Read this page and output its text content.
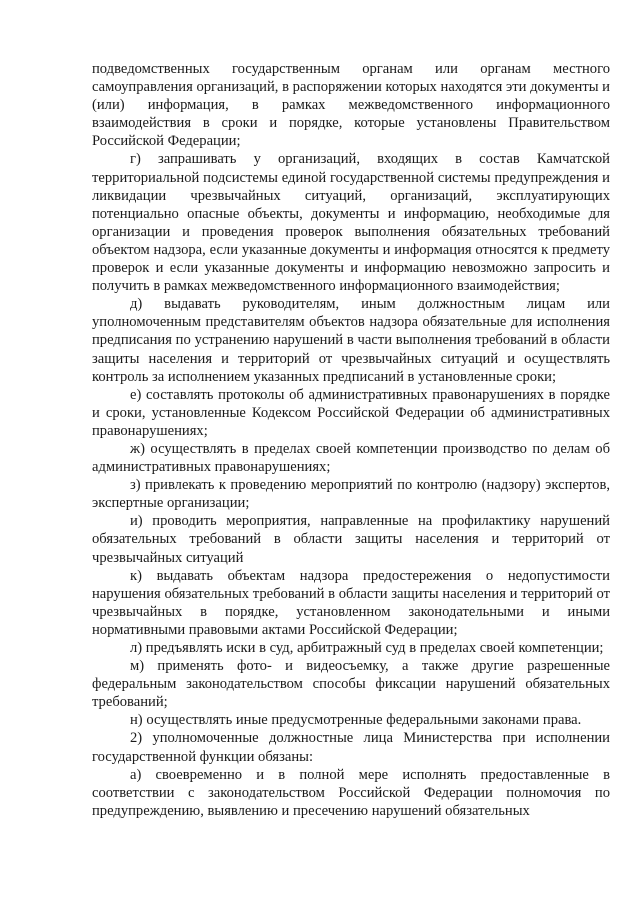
подведомственных государственным органам или органам местного самоуправления организаций, в распоряжении которых находятся эти документы и (или) информация, в рамках межведомственного информационного взаимодействия в сроки и порядке, которые установлены Правительством Российской Федерации;

г) запрашивать у организаций, входящих в состав Камчатской территориальной подсистемы единой государственной системы предупреждения и ликвидации чрезвычайных ситуаций, организаций, эксплуатирующих потенциально опасные объекты, документы и информацию, необходимые для организации и проведения проверок выполнения обязательных требований объектом надзора, если указанные документы и информация относятся к предмету проверок и если указанные документы и информацию невозможно запросить и получить в рамках межведомственного информационного взаимодействия;

д) выдавать руководителям, иным должностным лицам или уполномоченным представителям объектов надзора обязательные для исполнения предписания по устранению нарушений в части выполнения требований в области защиты населения и территорий от чрезвычайных ситуаций и осуществлять контроль за исполнением указанных предписаний в установленные сроки;

е) составлять протоколы об административных правонарушениях в порядке и сроки, установленные Кодексом Российской Федерации об административных правонарушениях;

ж) осуществлять в пределах своей компетенции производство по делам об административных правонарушениях;

з) привлекать к проведению мероприятий по контролю (надзору) экспертов, экспертные организации;

и) проводить мероприятия, направленные на профилактику нарушений обязательных требований в области защиты населения и территорий от чрезвычайных ситуаций

к) выдавать объектам надзора предостережения о недопустимости нарушения обязательных требований в области защиты населения и территорий от чрезвычайных в порядке, установленном законодательными и иными нормативными правовыми актами Российской Федерации;

л) предъявлять иски в суд, арбитражный суд в пределах своей компетенции;

м) применять фото- и видеосъемку, а также другие разрешенные федеральным законодательством способы фиксации нарушений обязательных требований;

н) осуществлять иные предусмотренные федеральными законами права.

2) уполномоченные должностные лица Министерства при исполнении государственной функции обязаны:

а) своевременно и в полной мере исполнять предоставленные в соответствии с законодательством Российской Федерации полномочия по предупреждению, выявлению и пресечению нарушений обязательных
